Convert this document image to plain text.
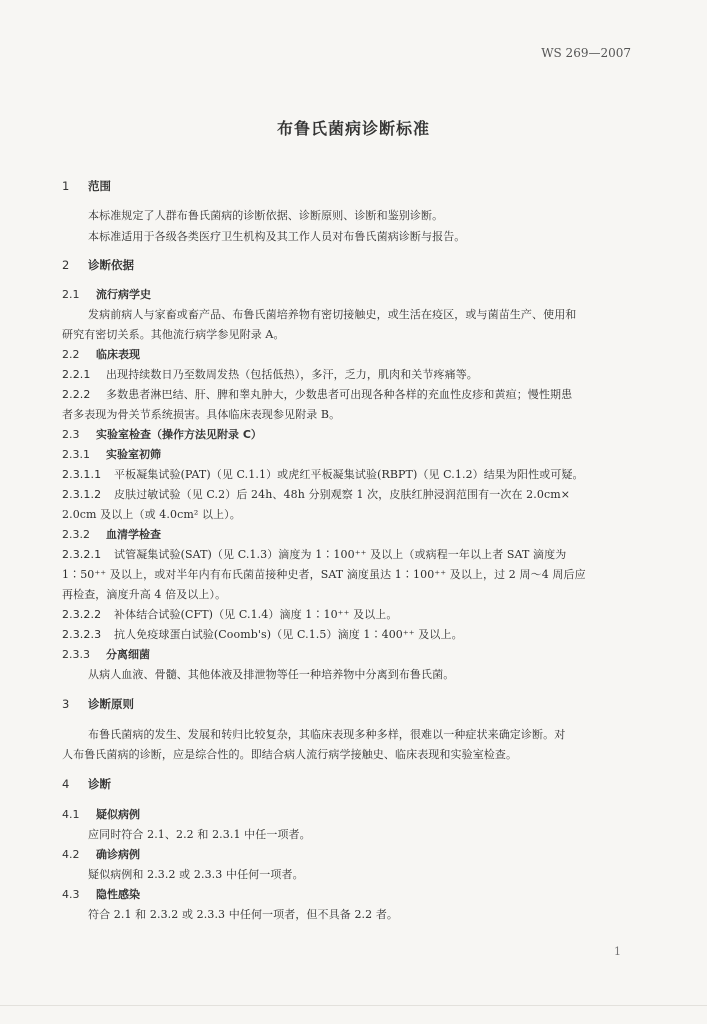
WS 269—2007
布鲁氏菌病诊断标准
1 范围
本标准规定了人群布鲁氏菌病的诊断依据、诊断原则、诊断和鉴别诊断。
本标准适用于各级各类医疗卫生机构及其工作人员对布鲁氏菌病诊断与报告。
2 诊断依据
2.1 流行病学史
发病前病人与家畜或畜产品、布鲁氏菌培养物有密切接触史，或生活在疫区，或与菌苗生产、使用和
研究有密切关系。其他流行病学参见附录 A。
2.2 临床表现
2.2.1 出现持续数日乃至数周发热（包括低热），多汗，乏力，肌肉和关节疼痛等。
2.2.2 多数患者淋巴结、肝、脾和睾丸肿大，少数患者可出现各种各样的充血性皮疹和黄疸；慢性期患
者多表现为骨关节系统损害。具体临床表现参见附录 B。
2.3 实验室检查（操作方法见附录 C）
2.3.1 实验室初筛
2.3.1.1 平板凝集试验(PAT)（见 C.1.1）或虎红平板凝集试验(RBPT)（见 C.1.2）结果为阳性或可疑。
2.3.1.2 皮肤过敏试验（见 C.2）后 24h、48h 分别观察 1 次，皮肤红肿浸润范围有一次在 2.0cm×
2.0cm 及以上（或 4.0cm² 以上）。
2.3.2 血清学检查
2.3.2.1 试管凝集试验(SAT)（见 C.1.3）滴度为 1∶100⁺⁺ 及以上（或病程一年以上者 SAT 滴度为
1∶50⁺⁺ 及以上，或对半年内有布氏菌苗接种史者，SAT 滴度虽达 1∶100⁺⁺ 及以上，过 2 周～4 周后应
再检查，滴度升高 4 倍及以上）。
2.3.2.2 补体结合试验(CFT)（见 C.1.4）滴度 1∶10⁺⁺ 及以上。
2.3.2.3 抗人免疫球蛋白试验(Coomb's)（见 C.1.5）滴度 1∶400⁺⁺ 及以上。
2.3.3 分离细菌
从病人血液、骨髓、其他体液及排泄物等任一种培养物中分离到布鲁氏菌。
3 诊断原则
布鲁氏菌病的发生、发展和转归比较复杂，其临床表现多种多样，很难以一种症状来确定诊断。对
人布鲁氏菌病的诊断，应是综合性的。即结合病人流行病学接触史、临床表现和实验室检查。
4 诊断
4.1 疑似病例
应同时符合 2.1、2.2 和 2.3.1 中任一项者。
4.2 确诊病例
疑似病例和 2.3.2 或 2.3.3 中任何一项者。
4.3 隐性感染
符合 2.1 和 2.3.2 或 2.3.3 中任何一项者，但不具备 2.2 者。
1
